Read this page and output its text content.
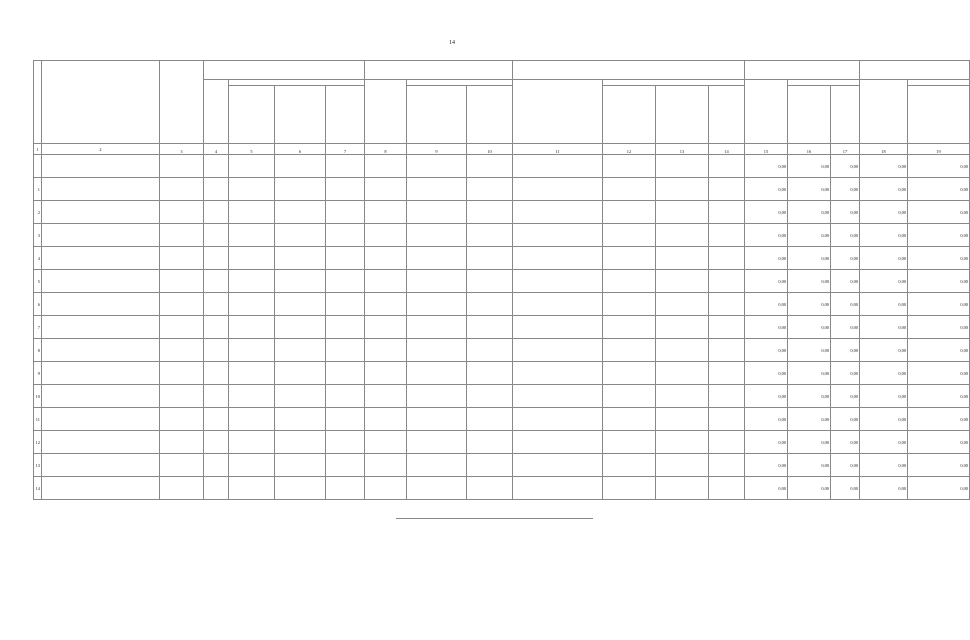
14

1	2	3	4	5	6	7	8	9	10	11	12	13	14	15	16	17	18	19
														0,00	0,00	0,00	0,00	0,00
1														0,00	0,00	0,00	0,00	0,00
2														0,00	0,00	0,00	0,00	0,00
3														0,00	0,00	0,00	0,00	0,00
4														0,00	0,00	0,00	0,00	0,00
5														0,00	0,00	0,00	0,00	0,00
6														0,00	0,00	0,00	0,00	0,00
7														0,00	0,00	0,00	0,00	0,00
8														0,00	0,00	0,00	0,00	0,00
9														0,00	0,00	0,00	0,00	0,00
10														0,00	0,00	0,00	0,00	0,00
11														0,00	0,00	0,00	0,00	0,00
12														0,00	0,00	0,00	0,00	0,00
13														0,00	0,00	0,00	0,00	0,00
14														0,00	0,00	0,00	0,00	0,00
